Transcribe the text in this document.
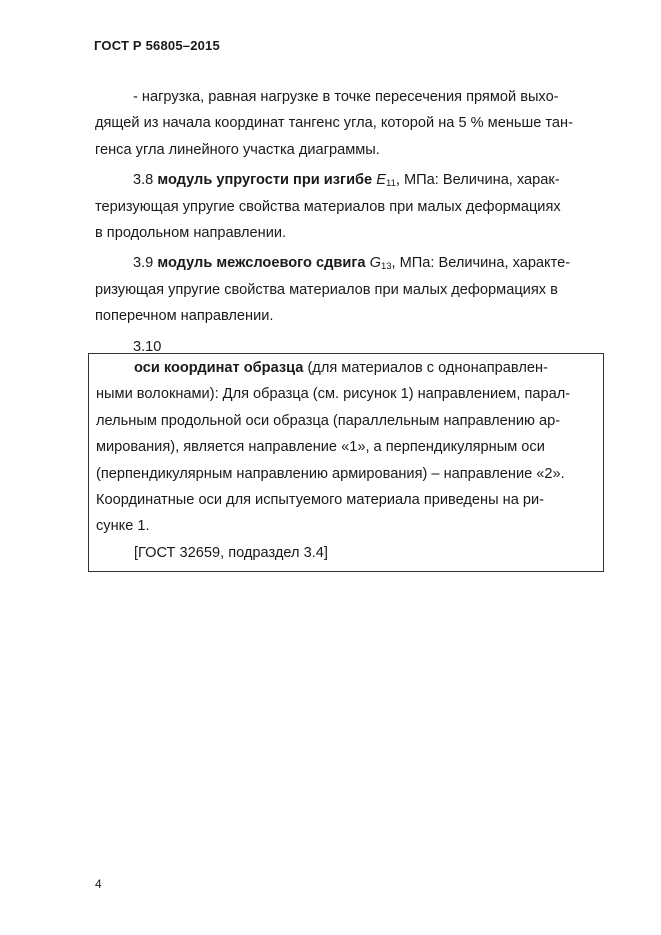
ГОСТ Р 56805–2015
- нагрузка, равная нагрузке в точке пересечения прямой выхо-
дящей из начала координат тангенс угла, которой на 5 % меньше тан-
генса угла линейного участка диаграммы.
3.8 модуль упругости при изгибе $E_{11}$, МПа: Величина, харак-
теризующая упругие свойства материалов при малых деформациях
в продольном направлении.
3.9 модуль межслоевого сдвига $G_{13}$, МПа: Величина, характе-
ризующая упругие свойства материалов при малых деформациях в
поперечном направлении.
3.10
оси координат образца (для материалов с однонаправлен-
ными волокнами): Для образца (см. рисунок 1) направлением, парал-
лельным продольной оси образца (параллельным направлению ар-
мирования), является направление «1», а перпендикулярным оси
(перпендикулярным направлению армирования) – направление «2».
Координатные оси для испытуемого материала приведены на ри-
сунке 1.
[ГОСТ 32659, подраздел 3.4]
4
